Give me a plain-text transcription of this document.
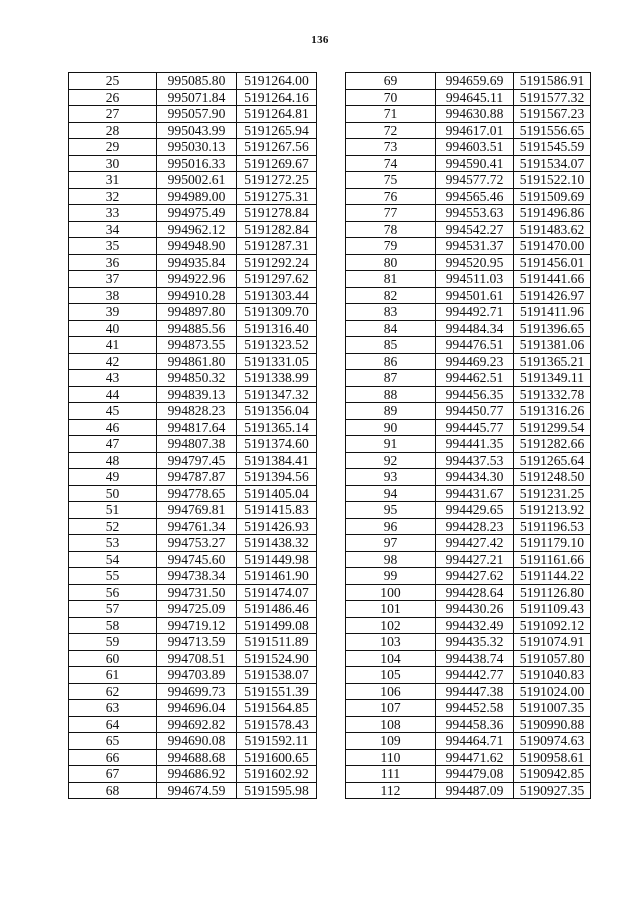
136
25	995085.80	5191264.00
26	995071.84	5191264.16
27	995057.90	5191264.81
28	995043.99	5191265.94
29	995030.13	5191267.56
30	995016.33	5191269.67
31	995002.61	5191272.25
32	994989.00	5191275.31
33	994975.49	5191278.84
34	994962.12	5191282.84
35	994948.90	5191287.31
36	994935.84	5191292.24
37	994922.96	5191297.62
38	994910.28	5191303.44
39	994897.80	5191309.70
40	994885.56	5191316.40
41	994873.55	5191323.52
42	994861.80	5191331.05
43	994850.32	5191338.99
44	994839.13	5191347.32
45	994828.23	5191356.04
46	994817.64	5191365.14
47	994807.38	5191374.60
48	994797.45	5191384.41
49	994787.87	5191394.56
50	994778.65	5191405.04
51	994769.81	5191415.83
52	994761.34	5191426.93
53	994753.27	5191438.32
54	994745.60	5191449.98
55	994738.34	5191461.90
56	994731.50	5191474.07
57	994725.09	5191486.46
58	994719.12	5191499.08
59	994713.59	5191511.89
60	994708.51	5191524.90
61	994703.89	5191538.07
62	994699.73	5191551.39
63	994696.04	5191564.85
64	994692.82	5191578.43
65	994690.08	5191592.11
66	994688.68	5191600.65
67	994686.92	5191602.92
68	994674.59	5191595.98
69	994659.69	5191586.91
70	994645.11	5191577.32
71	994630.88	5191567.23
72	994617.01	5191556.65
73	994603.51	5191545.59
74	994590.41	5191534.07
75	994577.72	5191522.10
76	994565.46	5191509.69
77	994553.63	5191496.86
78	994542.27	5191483.62
79	994531.37	5191470.00
80	994520.95	5191456.01
81	994511.03	5191441.66
82	994501.61	5191426.97
83	994492.71	5191411.96
84	994484.34	5191396.65
85	994476.51	5191381.06
86	994469.23	5191365.21
87	994462.51	5191349.11
88	994456.35	5191332.78
89	994450.77	5191316.26
90	994445.77	5191299.54
91	994441.35	5191282.66
92	994437.53	5191265.64
93	994434.30	5191248.50
94	994431.67	5191231.25
95	994429.65	5191213.92
96	994428.23	5191196.53
97	994427.42	5191179.10
98	994427.21	5191161.66
99	994427.62	5191144.22
100	994428.64	5191126.80
101	994430.26	5191109.43
102	994432.49	5191092.12
103	994435.32	5191074.91
104	994438.74	5191057.80
105	994442.77	5191040.83
106	994447.38	5191024.00
107	994452.58	5191007.35
108	994458.36	5190990.88
109	994464.71	5190974.63
110	994471.62	5190958.61
111	994479.08	5190942.85
112	994487.09	5190927.35
